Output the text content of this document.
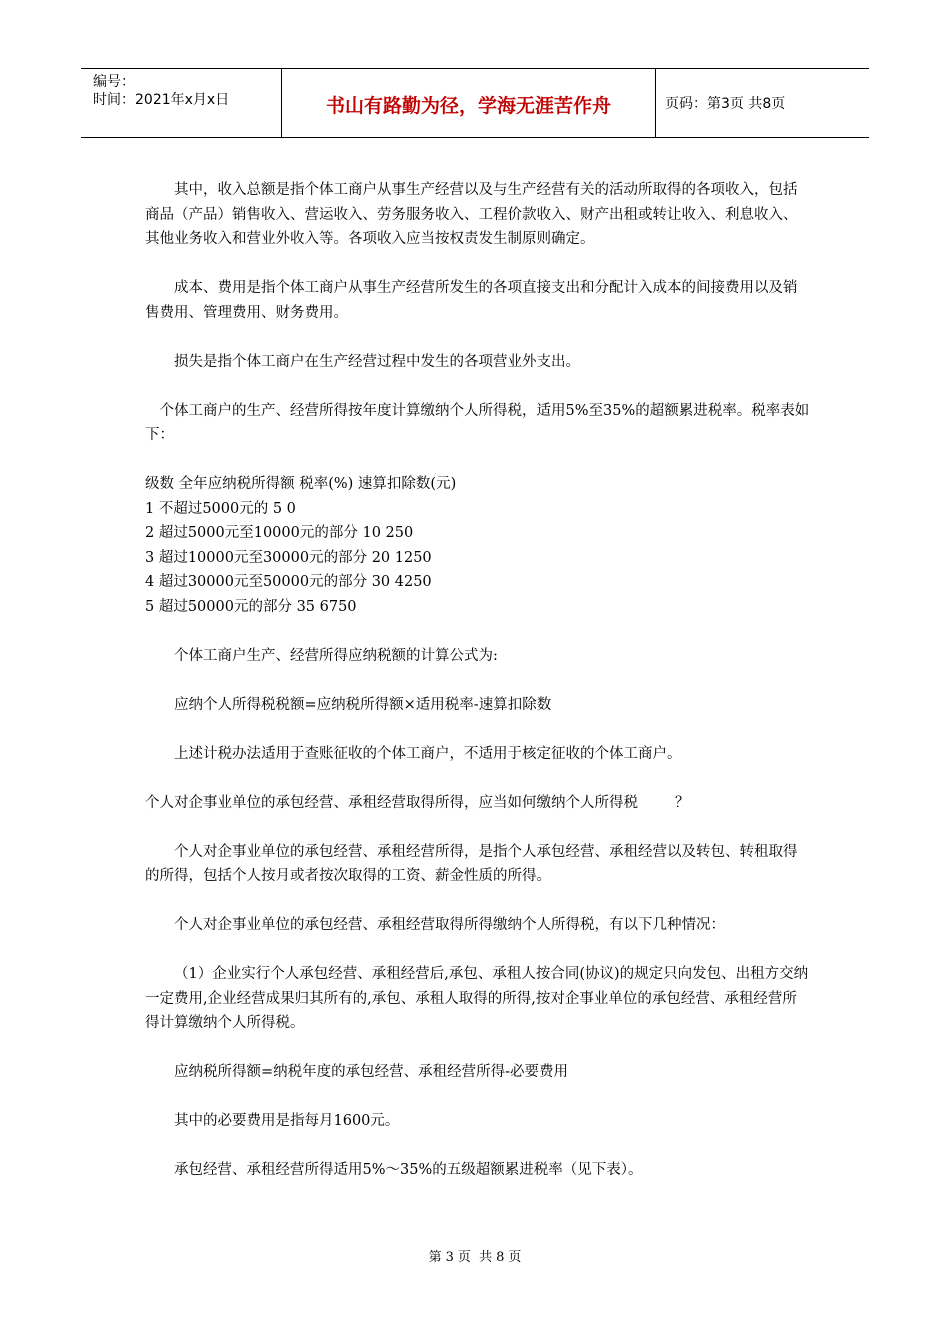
编号：
时间：2021年x月x日	书山有路勤为径，学海无涯苦作舟	页码：第3页 共8页

其中，收入总额是指个体工商户从事生产经营以及与生产经营有关的活动所取得的各项收入，包括商品（产品）销售收入、营运收入、劳务服务收入、工程价款收入、财产出租或转让收入、利息收入、其他业务收入和营业外收入等。各项收入应当按权责发生制原则确定。

成本、费用是指个体工商户从事生产经营所发生的各项直接支出和分配计入成本的间接费用以及销售费用、管理费用、财务费用。

损失是指个体工商户在生产经营过程中发生的各项营业外支出。

个体工商户的生产、经营所得按年度计算缴纳个人所得税，适用5%至35%的超额累进税率。税率表如下：

级数 全年应纳税所得额 税率(%) 速算扣除数(元)
1 不超过5000元的 5 0
2 超过5000元至10000元的部分 10 250
3 超过10000元至30000元的部分 20 1250
4 超过30000元至50000元的部分 30 4250
5 超过50000元的部分 35 6750

个体工商户生产、经营所得应纳税额的计算公式为:

应纳个人所得税税额=应纳税所得额×适用税率-速算扣除数

上述计税办法适用于查账征收的个体工商户，不适用于核定征收的个体工商户。

个人对企事业单位的承包经营、承租经营取得所得，应当如何缴纳个人所得税        ？

个人对企事业单位的承包经营、承租经营所得，是指个人承包经营、承租经营以及转包、转租取得的所得，包括个人按月或者按次取得的工资、薪金性质的所得。

个人对企事业单位的承包经营、承租经营取得所得缴纳个人所得税，有以下几种情况：

（1）企业实行个人承包经营、承租经营后,承包、承租人按合同(协议)的规定只向发包、出租方交纳一定费用,企业经营成果归其所有的,承包、承租人取得的所得,按对企事业单位的承包经营、承租经营所得计算缴纳个人所得税。

应纳税所得额=纳税年度的承包经营、承租经营所得-必要费用

其中的必要费用是指每月1600元。

承包经营、承租经营所得适用5%～35%的五级超额累进税率（见下表）。

第 3 页  共 8 页
